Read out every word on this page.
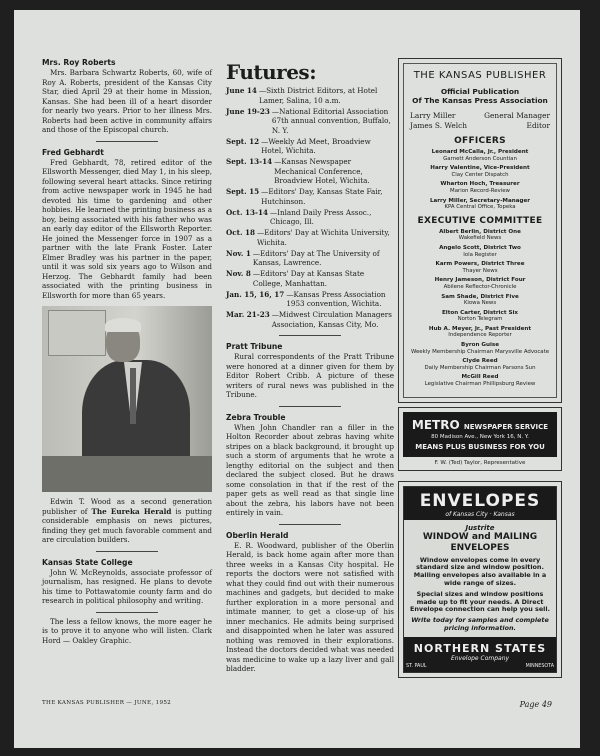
Mrs. Roy Roberts
Mrs. Barbara Schwartz Roberts, 60, wife of Roy A. Roberts, president of the Kansas City Star, died April 29 at their home in Mission, Kansas. She had been ill of a heart disorder for nearly two years. Prior to her illness Mrs. Roberts had been active in community affairs and those of the Episcopal church.
Fred Gebhardt
Fred Gebhardt, 78, retired editor of the Ellsworth Messenger, died May 1, in his sleep, following several heart attacks. Since retiring from active newspaper work in 1945 he had devoted his time to gardening and other hobbies. He learned the printing business as a boy, being associated with his father who was an early day editor of the Ellsworth Reporter. He joined the Messenger force in 1907 as a partner with the late Frank Foster. Later Elmer Bradley was his partner in the paper, until it was sold six years ago to Wilson and Herzog. The Gebhardt family had been associated with the printing business in Ellsworth for more than 65 years.
Edwin T. Wood as a second generation publisher of The Eureka Herald is putting considerable emphasis on news pictures, finding they get much favorable comment and are circulation builders.
Kansas State College
John W. McReynolds, associate professor of journalism, has resigned. He plans to devote his time to Pottawatomie county farm and do research in political philosophy and writing.
The less a fellow knows, the more eager he is to prove it to anyone who will listen. Clark Hord — Oakley Graphic.
Futures:
June 14 —Sixth District Editors, at Hotel Lamer, Salina, 10 a.m.
June 19-23 —National Editorial Association 67th annual convention, Buffalo, N. Y.
Sept. 12 —Weekly Ad Meet, Broadview Hotel, Wichita.
Sept. 13-14 —Kansas Newspaper Mechanical Conference, Broadview Hotel, Wichita.
Sept. 15 —Editors' Day, Kansas State Fair, Hutchinson.
Oct. 13-14 —Inland Daily Press Assoc., Chicago, Ill.
Oct. 18 —Editors' Day at Wichita University, Wichita.
Nov. 1 —Editors' Day at The University of Kansas, Lawrence.
Nov. 8 —Editors' Day at Kansas State College, Manhattan.
Jan. 15, 16, 17 —Kansas Press Association 1953 convention, Wichita.
Mar. 21-23 —Midwest Circulation Managers Association, Kansas City, Mo.
Pratt Tribune
Rural correspondents of the Pratt Tribune were honored at a dinner given for them by Editor Robert Cribb. A picture of these writers of rural news was published in the Tribune.
Zebra Trouble
When John Chandler ran a filler in the Holton Recorder about zebras having white stripes on a black background, it brought up such a storm of arguments that he wrote a lengthy editorial on the subject and then declared the subject closed. But he draws some consolation in that if the rest of the paper gets as well read as that single line about the zebra, his labors have not been entirely in vain.
Oberlin Herald
E. R. Woodward, publisher of the Oberlin Herald, is back home again after more than three weeks in a Kansas City hospital. He reports the doctors were not satisfied with what they could find out with their numerous machines and gadgets, but decided to make further exploration in a more personal and intimate manner, to get a close-up of his inner mechanics. He admits being surprised and disappointed when he later was assured nothing was removed in their explorations. Instead the doctors decided what was needed was medicine to wake up a lazy liver and gall bladder.
THE KANSAS PUBLISHER
Official Publication
Of The Kansas Press Association
Larry Miller	General Manager
James S. Welch	Editor
OFFICERS
Leonard McCalla, Jr., President
Garnett Anderson Countian
Harry Valentine, Vice-President
Clay Center Dispatch
Wharton Hoch, Treasurer
Marion Record-Review
Larry Miller, Secretary-Manager
KPA Central Office, Topeka
EXECUTIVE COMMITTEE
Albert Berlin, District One
Wakefield News
Angelo Scott, District Two
Iola Register
Karm Powers, District Three
Thayer News
Henry Jameson, District Four
Abilene Reflector-Chronicle
Sam Shade, District Five
Kiowa News
Elton Carter, District Six
Norton Telegram
Hub A. Meyer, Jr., Past President
Independence Reporter
Byron Guise
Weekly Membership Chairman Marysville Advocate
Clyde Reed
Daily Membership Chairman Parsons Sun
McGill Reed
Legislative Chairman Phillipsburg Review
METRO NEWSPAPER SERVICE
80 Madison Ave., New York 16, N. Y.
MEANS PLUS BUSINESS FOR YOU
F. W. (Ted) Taylor, Representative
ENVELOPES
of Kansas City · Kansas
Justrite
WINDOW and MAILING
ENVELOPES
Window envelopes come in every standard size and window position. Mailing envelopes also available in a wide range of sizes.
Special sizes and window positions made up to fit your needs. A Direct Envelope connection can help you sell.
Write today for samples and complete pricing information.
NORTHERN STATES
Envelope Company
ST. PAUL	MINNESOTA
THE KANSAS PUBLISHER — JUNE, 1952	Page 49
